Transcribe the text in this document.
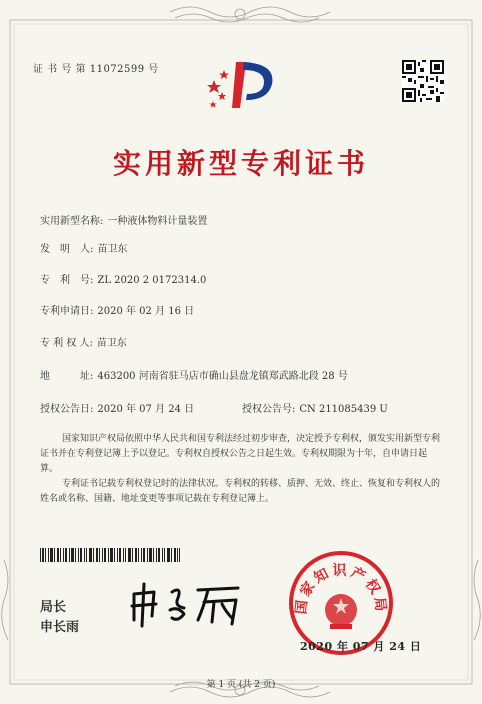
证 书 号 第 11072599 号
实用新型专利证书
实用新型名称: 一种液体物料计量装置
发　明　人: 苗卫东
专　利　号: ZL 2020 2 0172314.0
专利申请日: 2020 年 02 月 16 日
专 利 权 人: 苗卫东
地　　　址: 463200 河南省驻马店市确山县盘龙镇郑武路北段 28 号
授权公告日: 2020 年 07 月 24 日	授权公告号: CN 211085439 U

国家知识产权局依照中华人民共和国专利法经过初步审查，决定授予专利权，颁发实用新型专利证书并在专利登记簿上予以登记。专利权自授权公告之日起生效。专利权期限为十年，自申请日起算。

专利证书记载专利权登记时的法律状况。专利权的转移、质押、无效、终止、恢复和专利权人的姓名或名称、国籍、地址变更等事项记载在专利登记簿上。

局长
申长雨
国家知识产权局
2020 年 07 月 24 日
第 1 页 (共 2 页)
